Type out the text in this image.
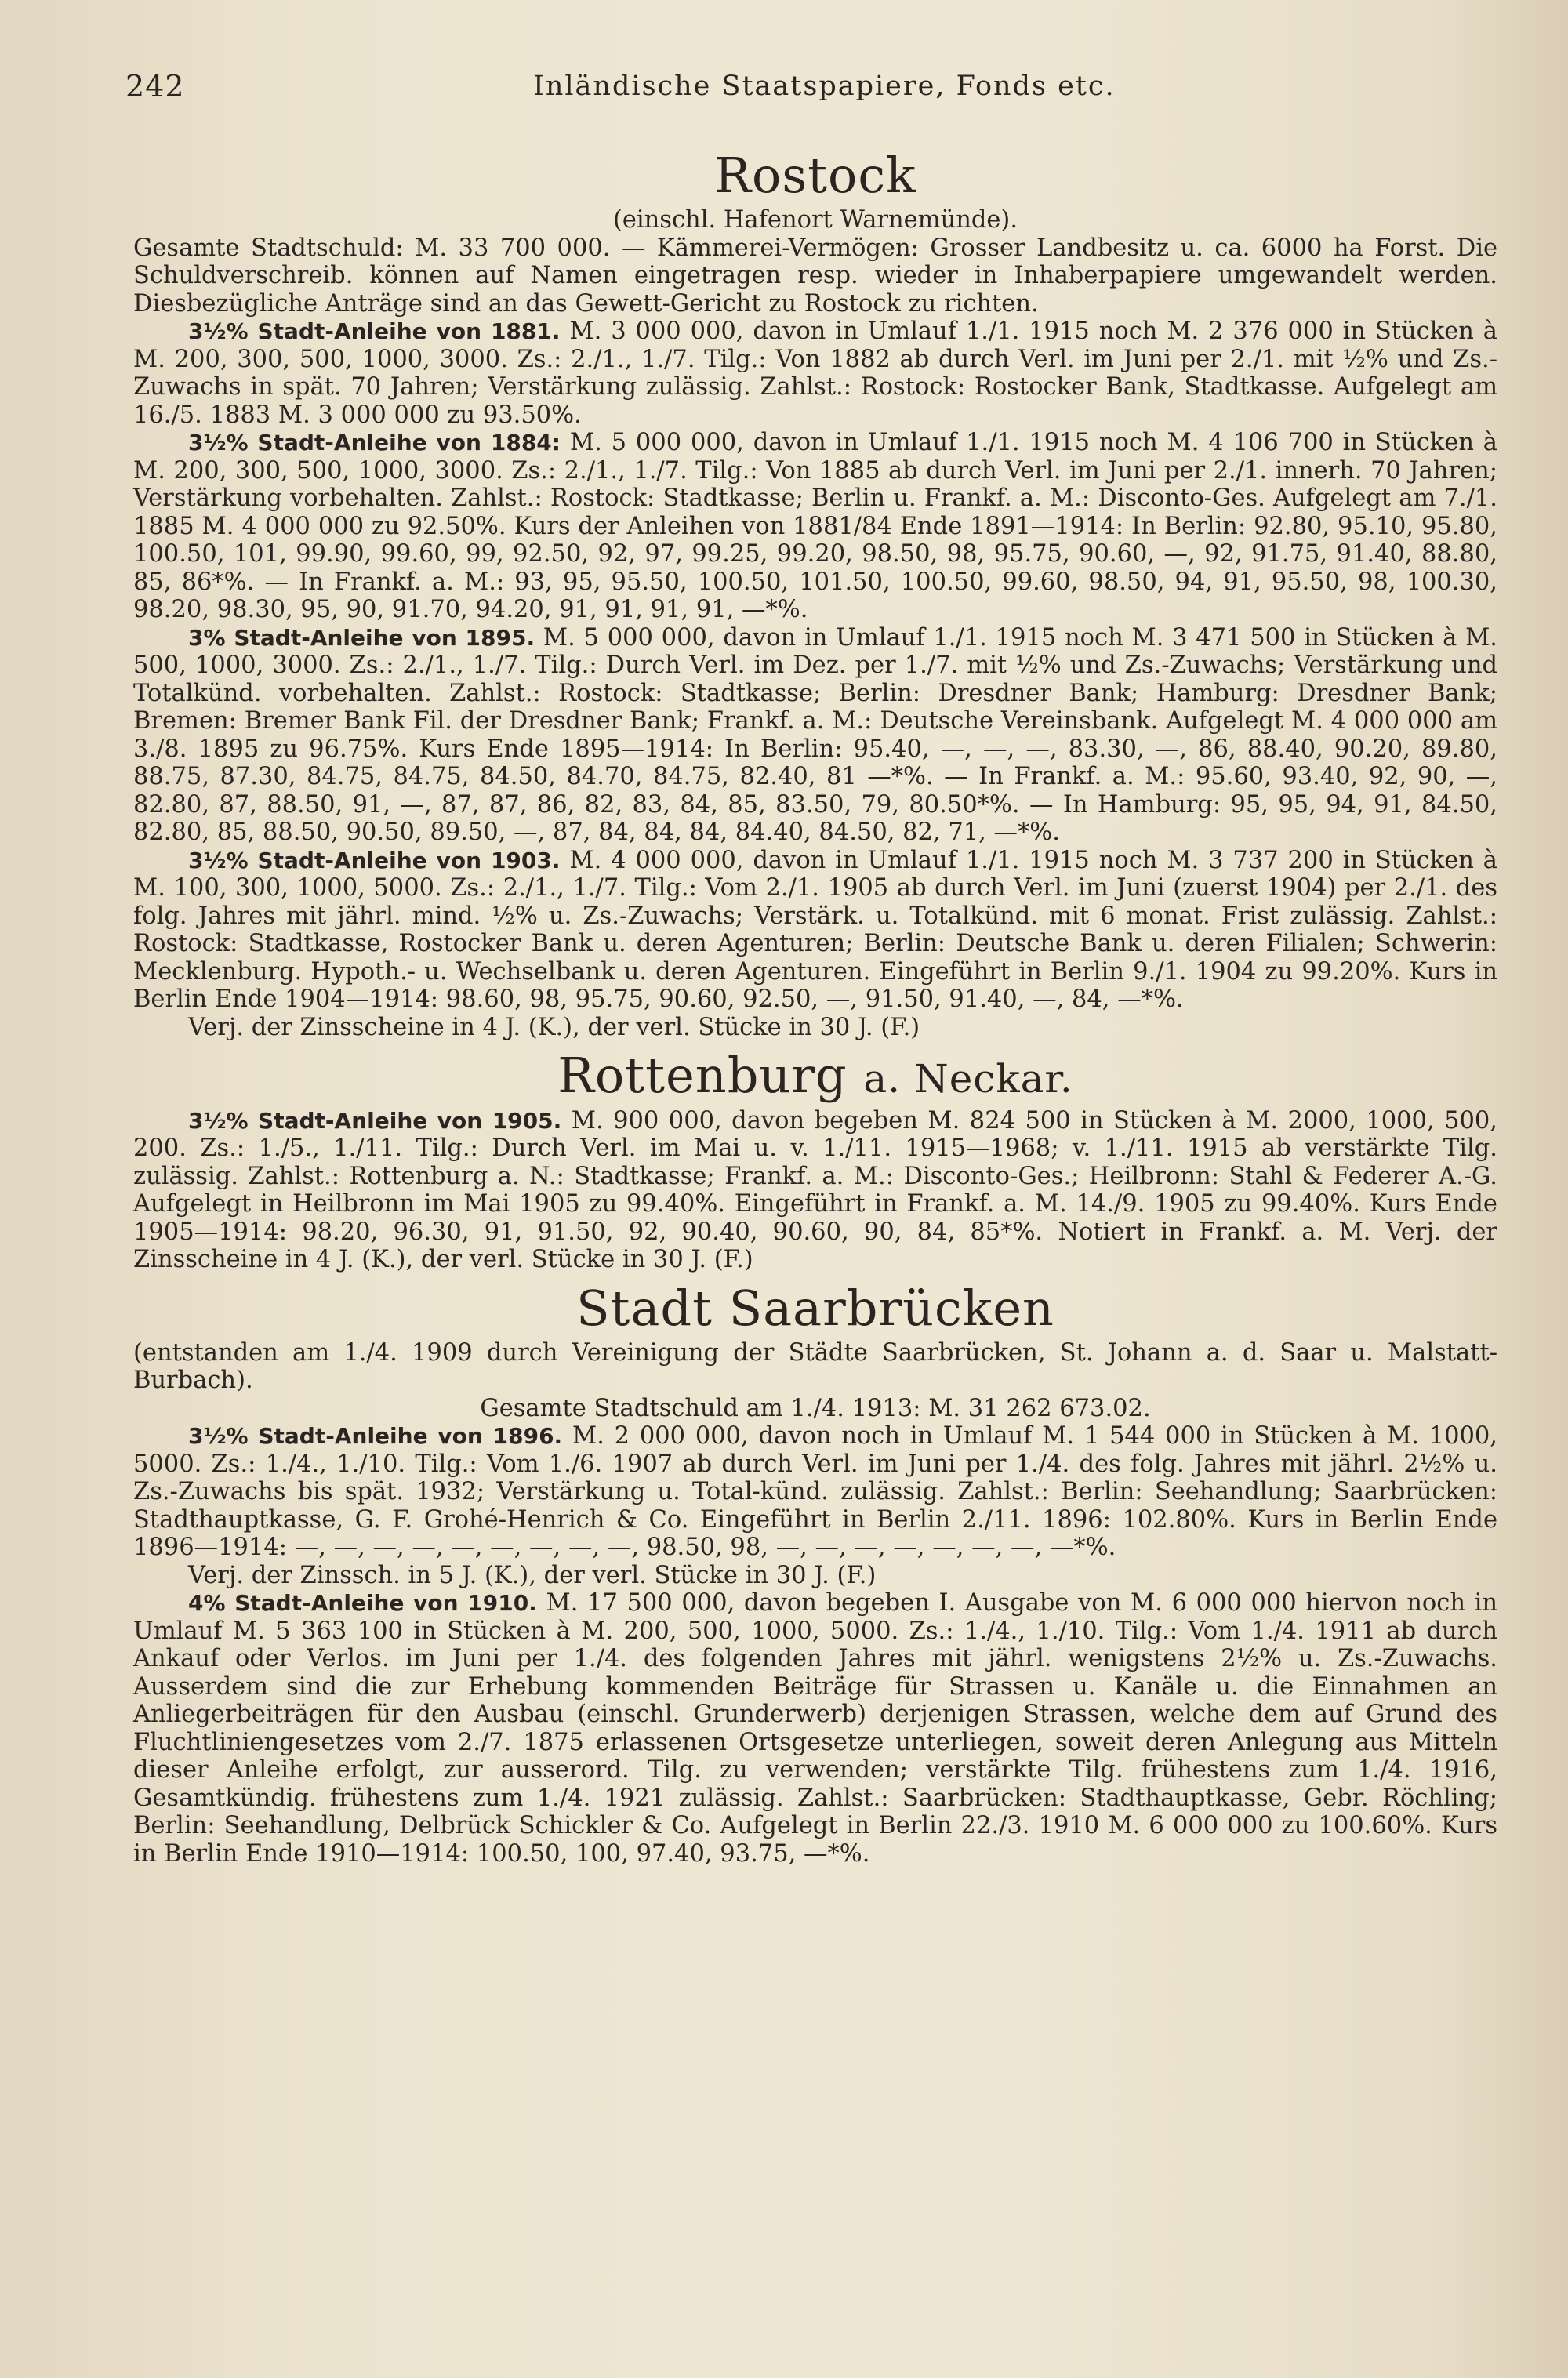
242	Inländische Staatspapiere, Fonds etc.
Rostock

(einschl. Hafenort Warnemünde).

Gesamte Stadtschuld: M. 33 700 000. — Kämmerei-Vermögen: Grosser Landbesitz u. ca. 6000 ha Forst. Die Schuldverschreib. können auf Namen eingetragen resp. wieder in Inhaberpapiere umgewandelt werden. Diesbezügliche Anträge sind an das Gewett-Gericht zu Rostock zu richten.

3½% Stadt-Anleihe von 1881. M. 3 000 000, davon in Umlauf 1./1. 1915 noch M. 2 376 000 in Stücken à M. 200, 300, 500, 1000, 3000. Zs.: 2./1., 1./7. Tilg.: Von 1882 ab durch Verl. im Juni per 2./1. mit ½% und Zs.-Zuwachs in spät. 70 Jahren; Verstärkung zulässig. Zahlst.: Rostock: Rostocker Bank, Stadtkasse. Aufgelegt am 16./5. 1883 M. 3 000 000 zu 93.50%.

3½% Stadt-Anleihe von 1884: M. 5 000 000, davon in Umlauf 1./1. 1915 noch M. 4 106 700 in Stücken à M. 200, 300, 500, 1000, 3000. Zs.: 2./1., 1./7. Tilg.: Von 1885 ab durch Verl. im Juni per 2./1. innerh. 70 Jahren; Verstärkung vorbehalten. Zahlst.: Rostock: Stadtkasse; Berlin u. Frankf. a. M.: Disconto-Ges. Aufgelegt am 7./1. 1885 M. 4 000 000 zu 92.50%. Kurs der Anleihen von 1881/84 Ende 1891—1914: In Berlin: 92.80, 95.10, 95.80, 100.50, 101, 99.90, 99.60, 99, 92.50, 92, 97, 99.25, 99.20, 98.50, 98, 95.75, 90.60, —, 92, 91.75, 91.40, 88.80, 85, 86*%. — In Frankf. a. M.: 93, 95, 95.50, 100.50, 101.50, 100.50, 99.60, 98.50, 94, 91, 95.50, 98, 100.30, 98.20, 98.30, 95, 90, 91.70, 94.20, 91, 91, 91, 91, —*%.

3% Stadt-Anleihe von 1895. M. 5 000 000, davon in Umlauf 1./1. 1915 noch M. 3 471 500 in Stücken à M. 500, 1000, 3000. Zs.: 2./1., 1./7. Tilg.: Durch Verl. im Dez. per 1./7. mit ½% und Zs.-Zuwachs; Verstärkung und Totalkünd. vorbehalten. Zahlst.: Rostock: Stadtkasse; Berlin: Dresdner Bank; Hamburg: Dresdner Bank; Bremen: Bremer Bank Fil. der Dresdner Bank; Frankf. a. M.: Deutsche Vereinsbank. Aufgelegt M. 4 000 000 am 3./8. 1895 zu 96.75%. Kurs Ende 1895—1914: In Berlin: 95.40, —, —, —, 83.30, —, 86, 88.40, 90.20, 89.80, 88.75, 87.30, 84.75, 84.75, 84.50, 84.70, 84.75, 82.40, 81 —*%. — In Frankf. a. M.: 95.60, 93.40, 92, 90, —, 82.80, 87, 88.50, 91, —, 87, 87, 86, 82, 83, 84, 85, 83.50, 79, 80.50*%. — In Hamburg: 95, 95, 94, 91, 84.50, 82.80, 85, 88.50, 90.50, 89.50, —, 87, 84, 84, 84, 84.40, 84.50, 82, 71, —*%.

3½% Stadt-Anleihe von 1903. M. 4 000 000, davon in Umlauf 1./1. 1915 noch M. 3 737 200 in Stücken à M. 100, 300, 1000, 5000. Zs.: 2./1., 1./7. Tilg.: Vom 2./1. 1905 ab durch Verl. im Juni (zuerst 1904) per 2./1. des folg. Jahres mit jährl. mind. ½% u. Zs.-Zuwachs; Verstärk. u. Totalkünd. mit 6 monat. Frist zulässig. Zahlst.: Rostock: Stadtkasse, Rostocker Bank u. deren Agenturen; Berlin: Deutsche Bank u. deren Filialen; Schwerin: Mecklenburg. Hypoth.- u. Wechselbank u. deren Agenturen. Eingeführt in Berlin 9./1. 1904 zu 99.20%. Kurs in Berlin Ende 1904—1914: 98.60, 98, 95.75, 90.60, 92.50, —, 91.50, 91.40, —, 84, —*%.

Verj. der Zinsscheine in 4 J. (K.), der verl. Stücke in 30 J. (F.)

Rottenburg a. Neckar.

3½% Stadt-Anleihe von 1905. M. 900 000, davon begeben M. 824 500 in Stücken à M. 2000, 1000, 500, 200. Zs.: 1./5., 1./11. Tilg.: Durch Verl. im Mai u. v. 1./11. 1915—1968; v. 1./11. 1915 ab verstärkte Tilg. zulässig. Zahlst.: Rottenburg a. N.: Stadtkasse; Frankf. a. M.: Disconto-Ges.; Heilbronn: Stahl & Federer A.-G. Aufgelegt in Heilbronn im Mai 1905 zu 99.40%. Eingeführt in Frankf. a. M. 14./9. 1905 zu 99.40%. Kurs Ende 1905—1914: 98.20, 96.30, 91, 91.50, 92, 90.40, 90.60, 90, 84, 85*%. Notiert in Frankf. a. M. Verj. der Zinsscheine in 4 J. (K.), der verl. Stücke in 30 J. (F.)

Stadt Saarbrücken

(entstanden am 1./4. 1909 durch Vereinigung der Städte Saarbrücken, St. Johann a. d. Saar u. Malstatt-Burbach).

Gesamte Stadtschuld am 1./4. 1913: M. 31 262 673.02.

3½% Stadt-Anleihe von 1896. M. 2 000 000, davon noch in Umlauf M. 1 544 000 in Stücken à M. 1000, 5000. Zs.: 1./4., 1./10. Tilg.: Vom 1./6. 1907 ab durch Verl. im Juni per 1./4. des folg. Jahres mit jährl. 2½% u. Zs.-Zuwachs bis spät. 1932; Verstärkung u. Total-künd. zulässig. Zahlst.: Berlin: Seehandlung; Saarbrücken: Stadthauptkasse, G. F. Grohé-Henrich & Co. Eingeführt in Berlin 2./11. 1896: 102.80%. Kurs in Berlin Ende 1896—1914: —, —, —, —, —, —, —, —, —, 98.50, 98, —, —, —, —, —, —, —, —*%.

Verj. der Zinssch. in 5 J. (K.), der verl. Stücke in 30 J. (F.)

4% Stadt-Anleihe von 1910. M. 17 500 000, davon begeben I. Ausgabe von M. 6 000 000 hiervon noch in Umlauf M. 5 363 100 in Stücken à M. 200, 500, 1000, 5000. Zs.: 1./4., 1./10. Tilg.: Vom 1./4. 1911 ab durch Ankauf oder Verlos. im Juni per 1./4. des folgenden Jahres mit jährl. wenigstens 2½% u. Zs.-Zuwachs. Ausserdem sind die zur Erhebung kommenden Beiträge für Strassen u. Kanäle u. die Einnahmen an Anliegerbeiträgen für den Ausbau (einschl. Grunderwerb) derjenigen Strassen, welche dem auf Grund des Fluchtliniengesetzes vom 2./7. 1875 erlassenen Ortsgesetze unterliegen, soweit deren Anlegung aus Mitteln dieser Anleihe erfolgt, zur ausserord. Tilg. zu verwenden; verstärkte Tilg. frühestens zum 1./4. 1916, Gesamtkündig. frühestens zum 1./4. 1921 zulässig. Zahlst.: Saarbrücken: Stadthauptkasse, Gebr. Röchling; Berlin: Seehandlung, Delbrück Schickler & Co. Aufgelegt in Berlin 22./3. 1910 M. 6 000 000 zu 100.60%. Kurs in Berlin Ende 1910—1914: 100.50, 100, 97.40, 93.75, —*%.
